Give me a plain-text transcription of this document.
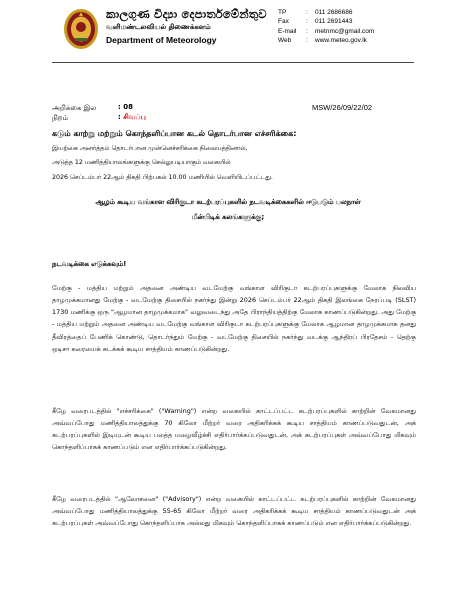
කාලගුණ විද්‍යා දෙපාර්තමේන්තුව
வளிமண்டலவியல் திணைக்களம்
Department of Meteorology
TP	:	011 2686686
Fax	:	011 2691443
E-mail	:	metnmc@gmail.com
Web	:	www.meteo.gov.lk
அறிக்கை இல	: 08	MSW/26/09/22/02
நிறம்	: சிவப்பு
கடும் காற்று மற்றும் கொந்தளிப்பான கடல் தொடர்பான எச்சரிக்கை:
இயற்கை அனர்த்தம் தொடர்பான முன்னெச்சரிக்கை நிலையத்தினால்,
அடுத்த 12 மணித்தியாலங்களுக்கு செல்லுபடியாகும் வகையில்
2026 செப்டம்பர் 22ஆம் திகதி பிற்பகல் 10.00 மணியில் வெளியிடப்பட்டது.
ஆழம் கூடிய வங்காள விரிகுடா கடற்பரப்புகளில் நடவடிக்கைகளில் ஈடுபடும் பலநாள்
மீன்பிடிக் கலங்களுக்கு;
நடவடிக்கை எடுக்கவும்!
மேற்கு - மத்திய மற்றும் அதனை அண்டிய வடமேற்கு வங்காள விரிகுடா கடற்பரப்புகளுக்கு மேலாக நிலவிய தாழமுக்கமானது மேற்கு - வடமேற்கு திசையில் நகர்ந்து இன்று 2026 செப்டம்பர் 22ஆம் திகதி இலங்கை நேரப்படி (SLST) 1730 மணிக்கு ஒரு "ஆழமான தாழமுக்கமாக" வலுவடைந்து அதே பிராந்தியத்திற்கு மேலாக காணப்படுகின்றது. அது மேற்கு - மத்திய மற்றும் அதனை அண்டிய வடமேற்கு வங்காள விரிகுடா கடற்பரப்புகளுக்கு மேலாக ஆழமான தாழமுக்கமாக தனது தீவிரத்தைப் பேணிக் கொண்டு, தொடர்ந்தும் மேற்கு - வடமேற்கு திசையில் நகர்ந்து வடக்கு ஆந்திரப் பிரதேசம் - தெற்கு ஒடிசா கரையைக் கடக்கக் கூடிய சாத்தியம் காணப்படுகின்றது.
கீழே வரைபடத்தில் "எச்சரிக்கை" ("Warning") என்ற வகையில் காட்டப்பட்ட கடற்பரப்புகளில் காற்றின் வேகமானது அவ்வப்போது மணித்தியாலத்துக்கு 70 கிலோ மீற்றர் வரை அதிகரிக்கக் கூடிய சாத்தியம் காணப்படுவதுடன், அக் கடற்பரப்புகளில் இடியுடன் கூடிய பலத்த மழைவீழ்ச்சி எதிர்பார்க்கப்படுவதுடன், அக் கடற்பரப்புகள் அவ்வப்போது மிகவும் கொந்தளிப்பாகக் காணப்படும் என எதிர்பார்க்கப்படுகின்றது.
கீழே வரைபடத்தில் "ஆலோசனை" ("Advisory") என்ற வகையில் காட்டப்பட்ட கடற்பரப்புகளில் காற்றின் வேகமானது அவ்வப்போது மணித்தியாலத்துக்கு 55-65 கிலோ மீற்றர் வரை அதிகரிக்கக் கூடிய சாத்தியம் காணப்படுவதுடன் அக் கடற்பரப்புகள் அவ்வப்போது கொந்தளிப்பாக அல்லது மிகவும் கொந்தளிப்பாகக் காணப்படும் என எதிர்பார்க்கப்படுகின்றது.
